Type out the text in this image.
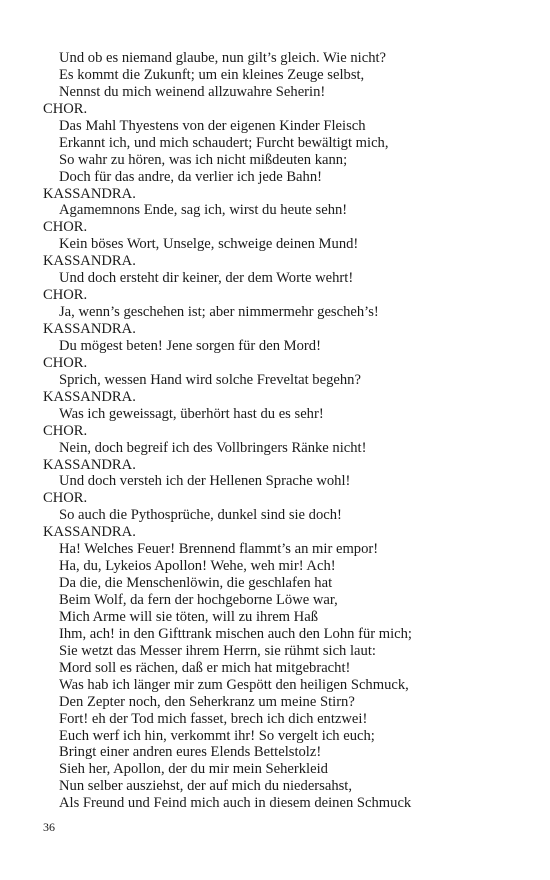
Und ob es niemand glaube, nun gilt’s gleich. Wie nicht?
Es kommt die Zukunft; um ein kleines Zeuge selbst,
Nennst du mich weinend allzuwahre Seherin!
CHOR.
Das Mahl Thyestens von der eigenen Kinder Fleisch
Erkannt ich, und mich schaudert; Furcht bewältigt mich,
So wahr zu hören, was ich nicht mißdeuten kann;
Doch für das andre, da verlier ich jede Bahn!
KASSANDRA.
Agamemnons Ende, sag ich, wirst du heute sehn!
CHOR.
Kein böses Wort, Unselge, schweige deinen Mund!
KASSANDRA.
Und doch ersteht dir keiner, der dem Worte wehrt!
CHOR.
Ja, wenn’s geschehen ist; aber nimmermehr gescheh’s!
KASSANDRA.
Du mögest beten! Jene sorgen für den Mord!
CHOR.
Sprich, wessen Hand wird solche Freveltat begehn?
KASSANDRA.
Was ich geweissagt, überhört hast du es sehr!
CHOR.
Nein, doch begreif ich des Vollbringers Ränke nicht!
KASSANDRA.
Und doch versteh ich der Hellenen Sprache wohl!
CHOR.
So auch die Pythosprüche, dunkel sind sie doch!
KASSANDRA.
Ha! Welches Feuer! Brennend flammt’s an mir empor!
Ha, du, Lykeios Apollon! Wehe, weh mir! Ach!
Da die, die Menschenlöwin, die geschlafen hat
Beim Wolf, da fern der hochgeborne Löwe war,
Mich Arme will sie töten, will zu ihrem Haß
Ihm, ach! in den Gifttrank mischen auch den Lohn für mich;
Sie wetzt das Messer ihrem Herrn, sie rühmt sich laut:
Mord soll es rächen, daß er mich hat mitgebracht!
Was hab ich länger mir zum Gespött den heiligen Schmuck,
Den Zepter noch, den Seherkranz um meine Stirn?
Fort! eh der Tod mich fasset, brech ich dich entzwei!
Euch werf ich hin, verkommt ihr! So vergelt ich euch;
Bringt einer andren eures Elends Bettelstolz!
Sieh her, Apollon, der du mir mein Seherkleid
Nun selber ausziehst, der auf mich du niedersahst,
Als Freund und Feind mich auch in diesem deinen Schmuck
36
